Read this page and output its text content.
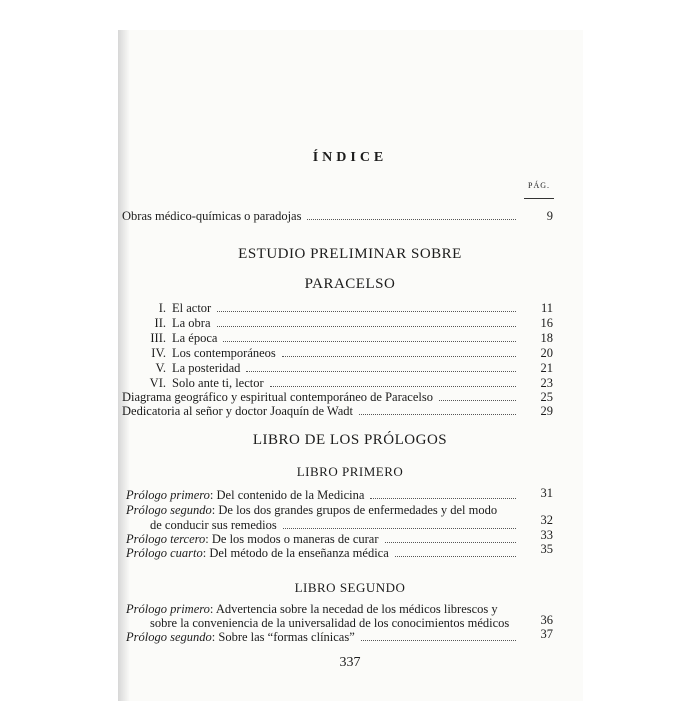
ÍNDICE
PÁG.
Obras médico-químicas o paradojas	9
ESTUDIO PRELIMINAR SOBRE
PARACELSO
I. El actor	11
II. La obra	16
III. La época	18
IV. Los contemporáneos	20
V. La posteridad	21
VI. Solo ante ti, lector	23
Diagrama geográfico y espiritual contemporáneo de Paracelso	25
Dedicatoria al señor y doctor Joaquín de Wadt	29
LIBRO DE LOS PRÓLOGOS
LIBRO PRIMERO
Prólogo primero: Del contenido de la Medicina	31
Prólogo segundo: De los dos grandes grupos de enfermedades y del modo
de conducir sus remedios	32
Prólogo tercero: De los modos o maneras de curar	33
Prólogo cuarto: Del método de la enseñanza médica	35
LIBRO SEGUNDO
Prólogo primero: Advertencia sobre la necedad de los médicos librescos y
sobre la conveniencia de la universalidad de los conocimientos médicos	36
Prólogo segundo: Sobre las “formas clínicas”	37
337
